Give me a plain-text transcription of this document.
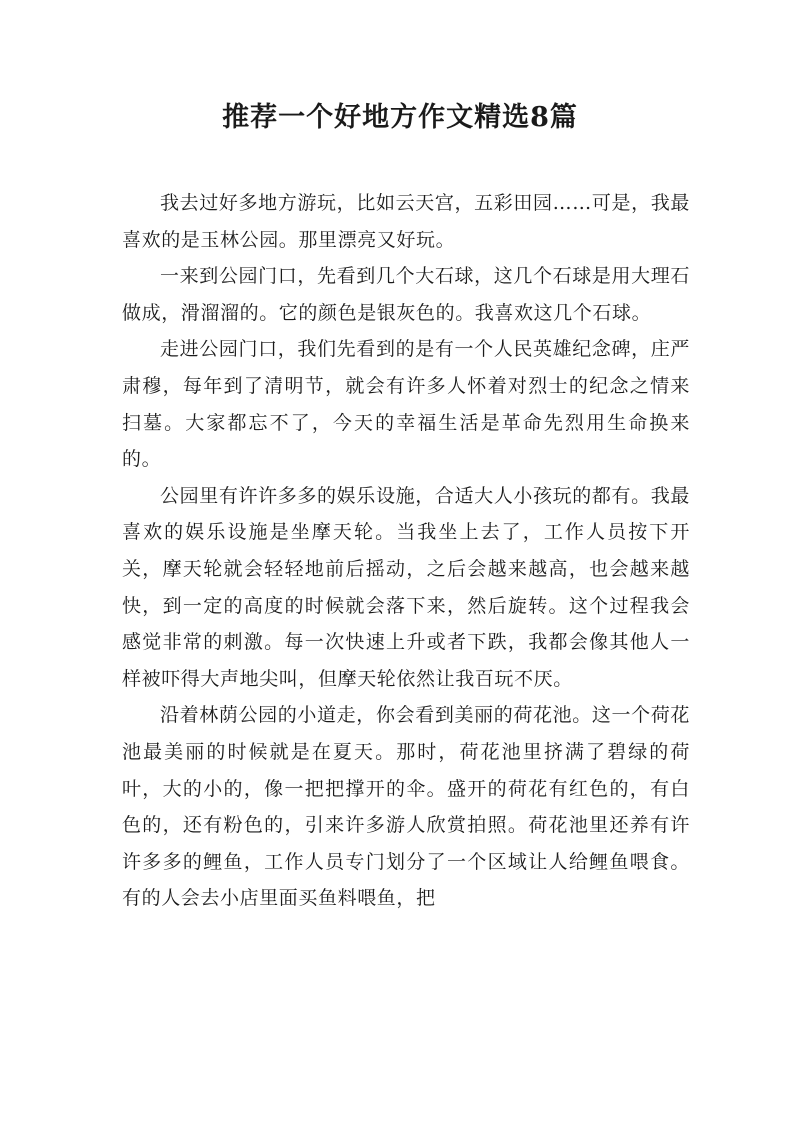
推荐一个好地方作文精选8篇

我去过好多地方游玩，比如云天宫，五彩田园……可是，我最喜欢的是玉林公园。那里漂亮又好玩。

一来到公园门口，先看到几个大石球，这几个石球是用大理石做成，滑溜溜的。它的颜色是银灰色的。我喜欢这几个石球。

走进公园门口，我们先看到的是有一个人民英雄纪念碑，庄严肃穆，每年到了清明节，就会有许多人怀着对烈士的纪念之情来扫墓。大家都忘不了，今天的幸福生活是革命先烈用生命换来的。

公园里有许许多多的娱乐设施，合适大人小孩玩的都有。我最喜欢的娱乐设施是坐摩天轮。当我坐上去了，工作人员按下开关，摩天轮就会轻轻地前后摇动，之后会越来越高，也会越来越快，到一定的高度的时候就会落下来，然后旋转。这个过程我会感觉非常的刺激。每一次快速上升或者下跌，我都会像其他人一样被吓得大声地尖叫，但摩天轮依然让我百玩不厌。

沿着林荫公园的小道走，你会看到美丽的荷花池。这一个荷花池最美丽的时候就是在夏天。那时，荷花池里挤满了碧绿的荷叶，大的小的，像一把把撑开的伞。盛开的荷花有红色的，有白色的，还有粉色的，引来许多游人欣赏拍照。荷花池里还养有许许多多的鲤鱼，工作人员专门划分了一个区域让人给鲤鱼喂食。有的人会去小店里面买鱼料喂鱼，把
